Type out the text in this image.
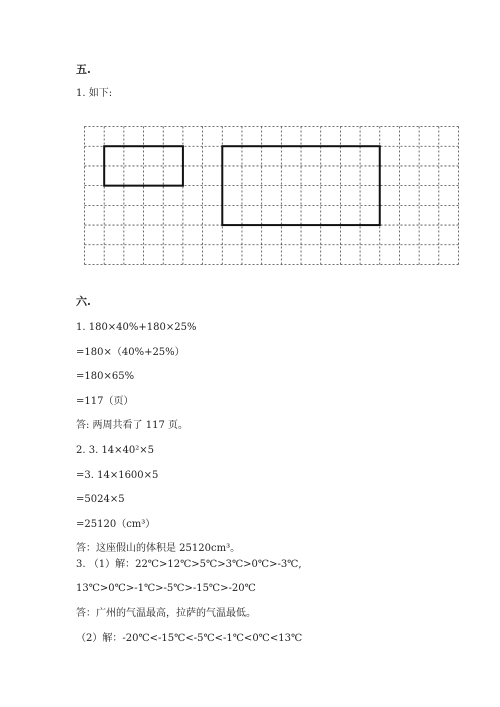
五.
1. 如下:
六.
1. 180×40%+180×25%
=180×（40%+25%）
=180×65%
=117（页）
答: 两周共看了 117 页。
2. 3. 14×40²×5
=3. 14×1600×5
=5024×5
=25120（cm³）
答：这座假山的体积是 25120cm³。
3. （1）解：22℃>12℃>5℃>3℃>0℃>-3℃,
13℃>0℃>-1℃>-5℃>-15℃>-20℃
答：广州的气温最高，拉萨的气温最低。
（2）解：-20℃<-15℃<-5℃<-1℃<0℃<13℃
